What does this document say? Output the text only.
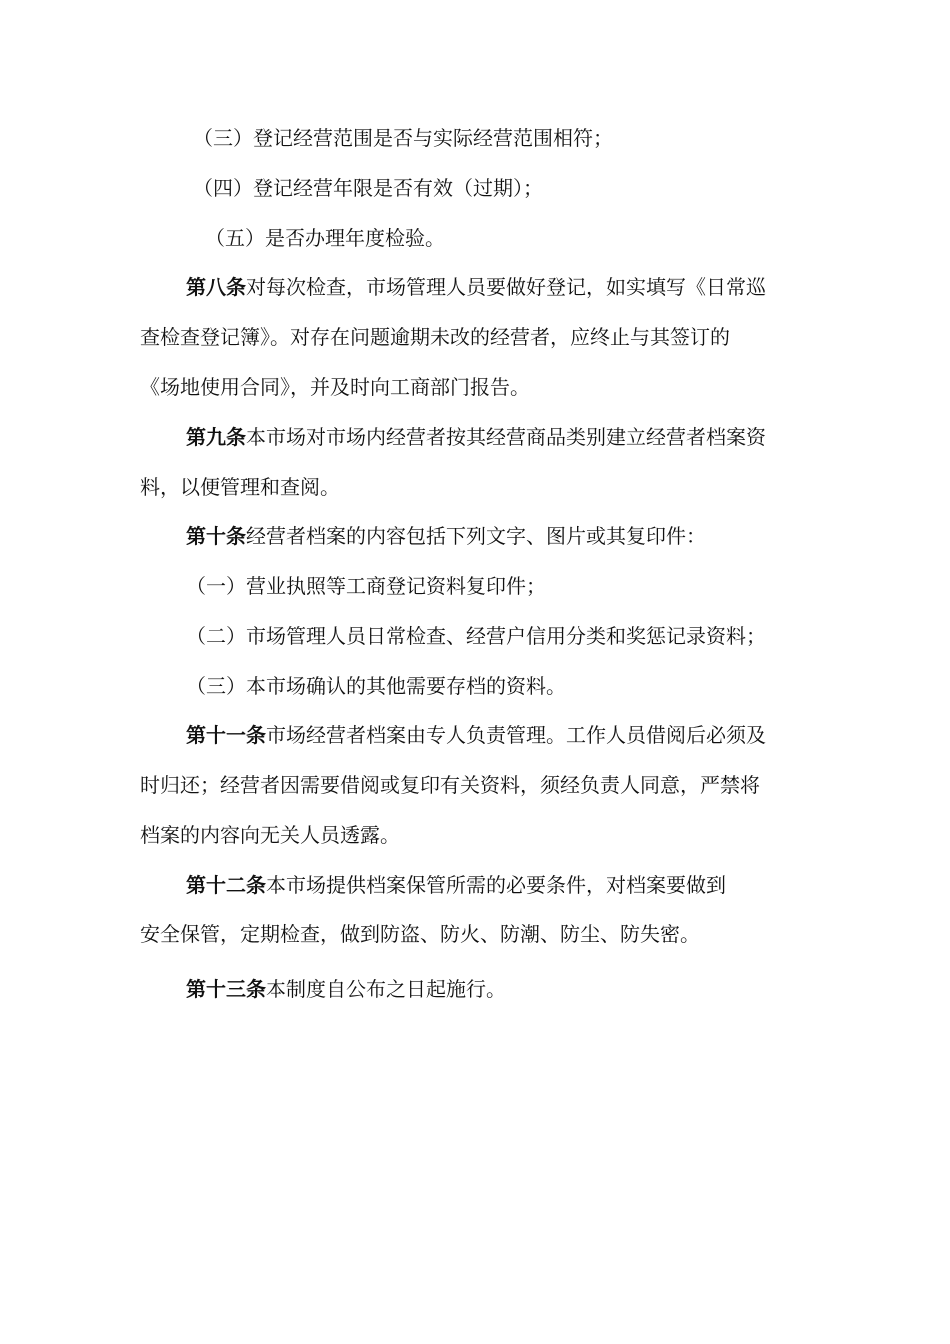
（三）登记经营范围是否与实际经营范围相符；
（四）登记经营年限是否有效（过期）；
（五）是否办理年度检验。
第八条对每次检查，市场管理人员要做好登记，如实填写《日常巡
查检查登记簿》。对存在问题逾期未改的经营者，应终止与其签订的
《场地使用合同》，并及时向工商部门报告。
第九条本市场对市场内经营者按其经营商品类别建立经营者档案资
料，以便管理和查阅。
第十条经营者档案的内容包括下列文字、图片或其复印件：
（一）营业执照等工商登记资料复印件；
（二）市场管理人员日常检查、经营户信用分类和奖惩记录资料；
（三）本市场确认的其他需要存档的资料。
第十一条市场经营者档案由专人负责管理。工作人员借阅后必须及
时归还；经营者因需要借阅或复印有关资料，须经负责人同意，严禁将
档案的内容向无关人员透露。
第十二条本市场提供档案保管所需的必要条件，对档案要做到
安全保管，定期检查，做到防盗、防火、防潮、防尘、防失密。
第十三条本制度自公布之日起施行。
